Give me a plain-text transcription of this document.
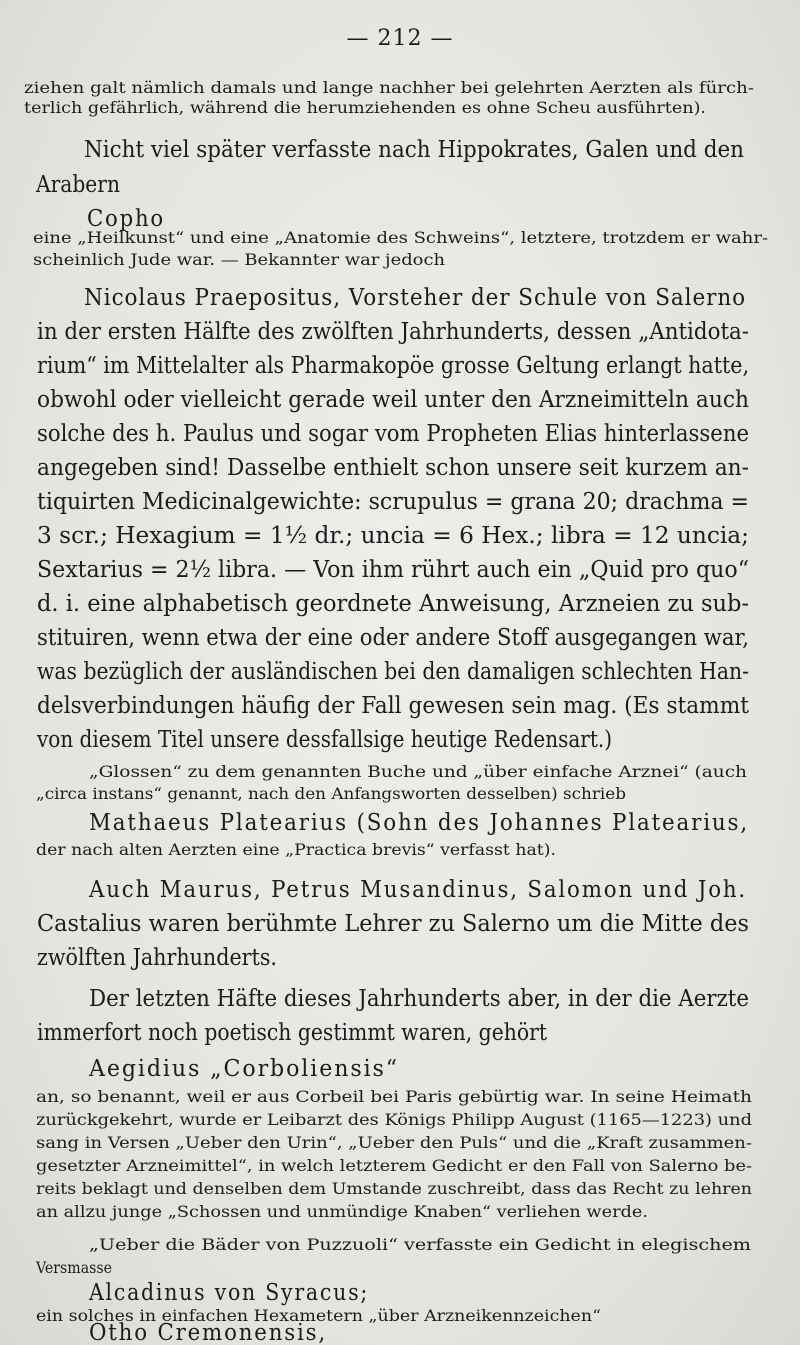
— 212 —
ziehen galt nämlich damals und lange nachher bei gelehrten Aerzten als fürch-
terlich gefährlich, während die herumziehenden es ohne Scheu ausführten).
Nicht viel später verfasste nach Hippokrates, Galen und den
Arabern
Copho
eine „Heilkunst“ und eine „Anatomie des Schweins“, letztere, trotzdem er wahr-
scheinlich Jude war. — Bekannter war jedoch
Nicolaus Praepositus, Vorsteher der Schule von Salerno
in der ersten Hälfte des zwölften Jahrhunderts, dessen „Antidota-
rium“ im Mittelalter als Pharmakopöe grosse Geltung erlangt hatte,
obwohl oder vielleicht gerade weil unter den Arzneimitteln auch
solche des h. Paulus und sogar vom Propheten Elias hinterlassene
angegeben sind! Dasselbe enthielt schon unsere seit kurzem an-
tiquirten Medicinalgewichte: scrupulus = grana 20; drachma =
3 scr.; Hexagium = 1½ dr.; uncia = 6 Hex.; libra = 12 uncia;
Sextarius = 2½ libra. — Von ihm rührt auch ein „Quid pro quo“
d. i. eine alphabetisch geordnete Anweisung, Arzneien zu sub-
stituiren, wenn etwa der eine oder andere Stoff ausgegangen war,
was bezüglich der ausländischen bei den damaligen schlechten Han-
delsverbindungen häufig der Fall gewesen sein mag. (Es stammt
von diesem Titel unsere dessfallsige heutige Redensart.)
„Glossen“ zu dem genannten Buche und „über einfache Arznei“ (auch
„circa instans“ genannt, nach den Anfangsworten desselben) schrieb
Mathaeus Platearius (Sohn des Johannes Platearius,
der nach alten Aerzten eine „Practica brevis“ verfasst hat).
Auch Maurus, Petrus Musandinus, Salomon und Joh.
Castalius waren berühmte Lehrer zu Salerno um die Mitte des
zwölften Jahrhunderts.
Der letzten Häfte dieses Jahrhunderts aber, in der die Aerzte
immerfort noch poetisch gestimmt waren, gehört
Aegidius „Corboliensis“
an, so benannt, weil er aus Corbeil bei Paris gebürtig war. In seine Heimath
zurückgekehrt, wurde er Leibarzt des Königs Philipp August (1165—1223) und
sang in Versen „Ueber den Urin“, „Ueber den Puls“ und die „Kraft zusammen-
gesetzter Arzneimittel“, in welch letzterem Gedicht er den Fall von Salerno be-
reits beklagt und denselben dem Umstande zuschreibt, dass das Recht zu lehren
an allzu junge „Schossen und unmündige Knaben“ verliehen werde.
„Ueber die Bäder von Puzzuoli“ verfasste ein Gedicht in elegischem
Versmasse
Alcadinus von Syracus;
ein solches in einfachen Hexametern „über Arzneikennzeichen“
Otho Cremonensis,
